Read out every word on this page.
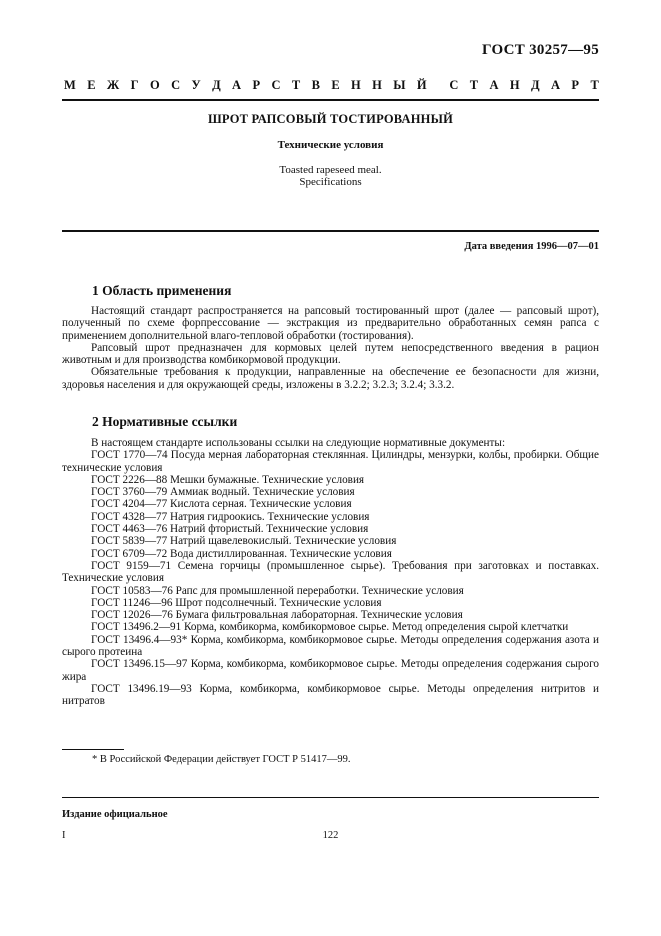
ГОСТ 30257—95
М Е Ж Г О С У Д А Р С Т В Е Н Н Ы Й С Т А Н Д А Р Т
ШРОТ РАПСОВЫЙ ТОСТИРОВАННЫЙ
Технические условия
Toasted rapeseed meal.
Specifications
Дата введения 1996—07—01
1 Область применения

Настоящий стандарт распространяется на рапсовый тостированный шрот (далее — рапсовый шрот), полученный по схеме форпрессование — экстракция из предварительно обработанных семян рапса с применением дополнительной влаго-тепловой обработки (тостирования).

Рапсовый шрот предназначен для кормовых целей путем непосредственного введения в рацион животным и для производства комбикормовой продукции.

Обязательные требования к продукции, направленные на обеспечение ее безопасности для жизни, здоровья населения и для окружающей среды, изложены в 3.2.2; 3.2.3; 3.2.4; 3.3.2.

2 Нормативные ссылки

В настоящем стандарте использованы ссылки на следующие нормативные документы:

ГОСТ 1770—74 Посуда мерная лабораторная стеклянная. Цилиндры, мензурки, колбы, пробирки. Общие технические условия

ГОСТ 2226—88 Мешки бумажные. Технические условия

ГОСТ 3760—79 Аммиак водный. Технические условия

ГОСТ 4204—77 Кислота серная. Технические условия

ГОСТ 4328—77 Натрия гидроокись. Технические условия

ГОСТ 4463—76 Натрий фтористый. Технические условия

ГОСТ 5839—77 Натрий щавелевокислый. Технические условия

ГОСТ 6709—72 Вода дистиллированная. Технические условия

ГОСТ 9159—71 Семена горчицы (промышленное сырье). Требования при заготовках и поставках. Технические условия

ГОСТ 10583—76 Рапс для промышленной переработки. Технические условия

ГОСТ 11246—96 Шрот подсолнечный. Технические условия

ГОСТ 12026—76 Бумага фильтровальная лабораторная. Технические условия

ГОСТ 13496.2—91 Корма, комбикорма, комбикормовое сырье. Метод определения сырой клетчатки

ГОСТ 13496.4—93* Корма, комбикорма, комбикормовое сырье. Методы определения содержания азота и сырого протеина

ГОСТ 13496.15—97 Корма, комбикорма, комбикормовое сырье. Методы определения содержания сырого жира

ГОСТ 13496.19—93 Корма, комбикорма, комбикормовое сырье. Методы определения нитритов и нитратов

* В Российской Федерации действует ГОСТ Р 51417—99.
Издание официальное
I	122
